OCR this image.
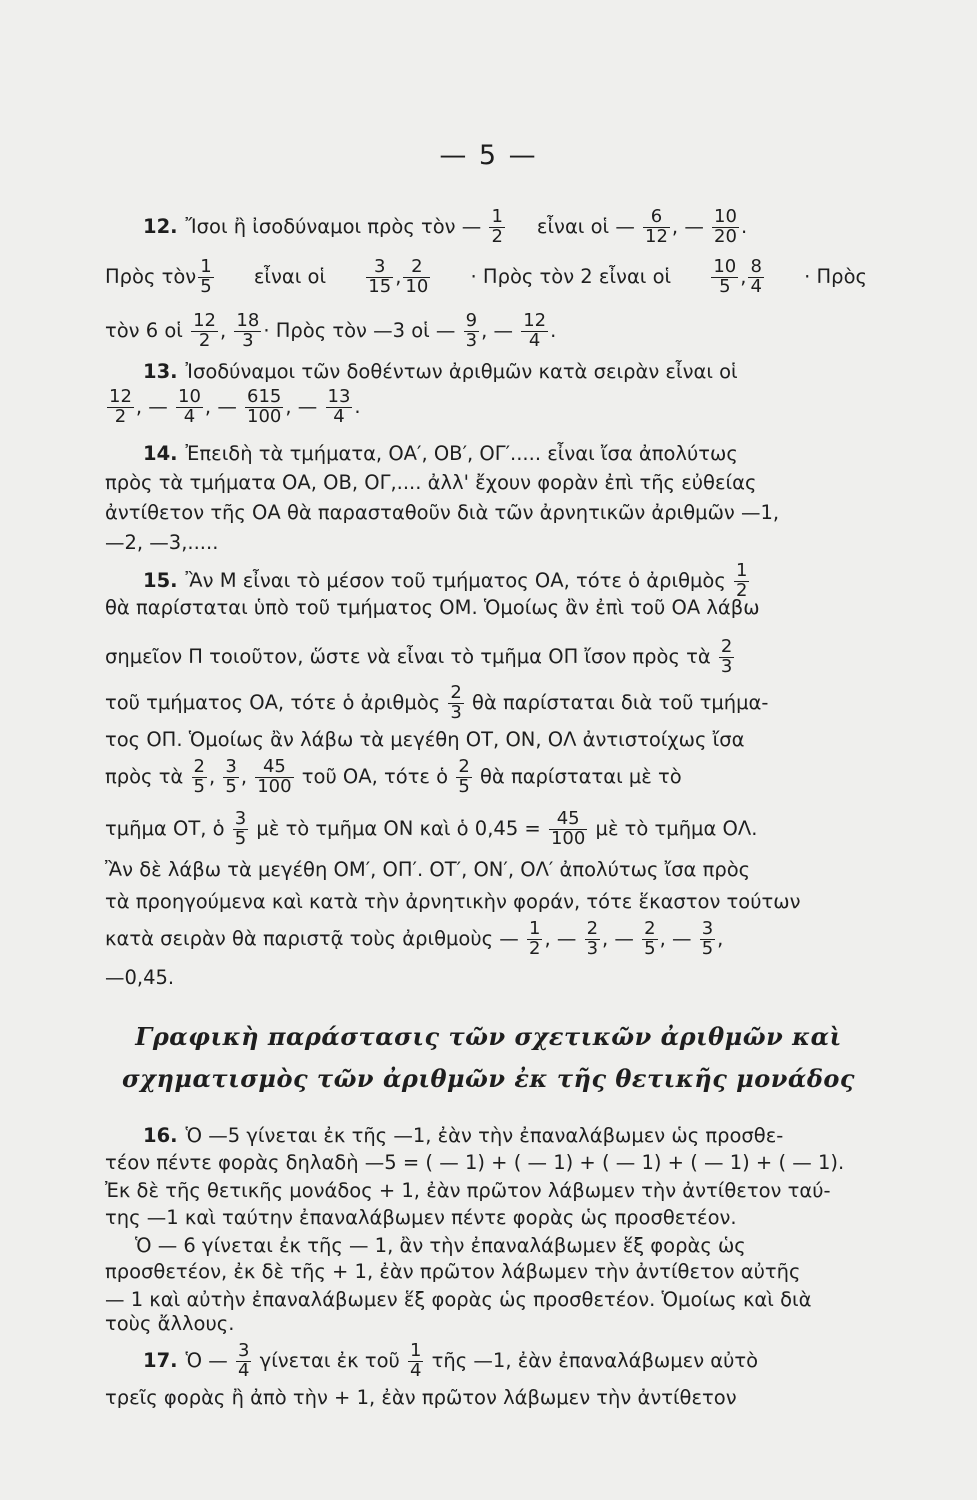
— 5 —
12. Ἴσοι ἢ ἰσοδύναμοι πρὸς τὸν — $\frac{1}{2}$ εἶναι οἱ — $\frac{6}{12}$ , — $\frac{10}{20}$ .
Πρὸς τὸν $\frac{1}{5}$ εἶναι οἱ $\frac{3}{15}$ , $\frac{2}{10}$ · Πρὸς τὸν 2 εἶναι οἱ $\frac{10}{5}$ , $\frac{8}{4}$ · Πρὸς
τὸν 6 οἱ $\frac{12}{2}$ , $\frac{18}{3}$ · Πρὸς τὸν —3 οἱ — $\frac{9}{3}$ , — $\frac{12}{4}$ .
13. Ἰσοδύναμοι τῶν δοθέντων ἀριθμῶν κατὰ σειρὰν εἶναι οἱ
$\frac{12}{2}$ , — $\frac{10}{4}$ , — $\frac{615}{100}$ , — $\frac{13}{4}$ .
14. Ἐπειδὴ τὰ τμήματα, ΟΑ′, ΟΒ′, ΟΓ′..... εἶναι ἴσα ἀπολύτως
πρὸς τὰ τμήματα ΟΑ, ΟΒ, ΟΓ,.... ἀλλ' ἔχουν φορὰν ἐπὶ τῆς εὐθείας
ἀντίθετον τῆς ΟΑ θὰ παρασταθοῦν διὰ τῶν ἀρνητικῶν ἀριθμῶν —1,
—2, —3,.....
15. Ἂν Μ εἶναι τὸ μέσον τοῦ τμήματος ΟΑ, τότε ὁ ἀριθμὸς $\frac{1}{2}$
θὰ παρίσταται ὑπὸ τοῦ τμήματος ΟΜ. Ὁμοίως ἂν ἐπὶ τοῦ ΟΑ λάβω
σημεῖον Π τοιοῦτον, ὥστε νὰ εἶναι τὸ τμῆμα ΟΠ ἴσον πρὸς τὰ $\frac{2}{3}$
τοῦ τμήματος ΟΑ, τότε ὁ ἀριθμὸς $\frac{2}{3}$ θὰ παρίσταται διὰ τοῦ τμήμα-
τος ΟΠ. Ὁμοίως ἂν λάβω τὰ μεγέθη ΟΤ, ΟΝ, ΟΛ ἀντιστοίχως ἴσα
πρὸς τὰ $\frac{2}{5}$ , $\frac{3}{5}$ , $\frac{45}{100}$ τοῦ ΟΑ, τότε ὁ $\frac{2}{5}$ θὰ παρίσταται μὲ τὸ
τμῆμα ΟΤ, ὁ $\frac{3}{5}$ μὲ τὸ τμῆμα ΟΝ καὶ ὁ $0,45 = \frac{45}{100}$ μὲ τὸ τμῆμα ΟΛ.
Ἂν δὲ λάβω τὰ μεγέθη ΟΜ′, ΟΠ′. ΟΤ′, ΟΝ′, ΟΛ′ ἀπολύτως ἴσα πρὸς
τὰ προηγούμενα καὶ κατὰ τὴν ἀρνητικὴν φοράν, τότε ἕκαστον τούτων
κατὰ σειρὰν θὰ παριστᾷ τοὺς ἀριθμοὺς — $\frac{1}{2}$ , — $\frac{2}{3}$ , — $\frac{2}{5}$ , — $\frac{3}{5}$ ,
—0,45.
Γραφικὴ παράστασις τῶν σχετικῶν ἀριθμῶν καὶ
σχηματισμὸς τῶν ἀριθμῶν ἐκ τῆς θετικῆς μονάδος
16. Ὁ —5 γίνεται ἐκ τῆς —1, ἐὰν τὴν ἐπαναλάβωμεν ὡς προσθε-
τέον πέντε φορὰς δηλαδὴ —5 = ( — 1) + ( — 1) + ( — 1) + ( — 1) + ( — 1).
Ἐκ δὲ τῆς θετικῆς μονάδος + 1, ἐὰν πρῶτον λάβωμεν τὴν ἀντίθετον ταύ-
της —1 καὶ ταύτην ἐπαναλάβωμεν πέντε φορὰς ὡς προσθετέον.
Ὁ — 6 γίνεται ἐκ τῆς — 1, ἂν τὴν ἐπαναλάβωμεν ἕξ φορὰς ὡς
προσθετέον, ἐκ δὲ τῆς + 1, ἐὰν πρῶτον λάβωμεν τὴν ἀντίθετον αὐτῆς
— 1 καὶ αὐτὴν ἐπαναλάβωμεν ἕξ φορὰς ὡς προσθετέον. Ὁμοίως καὶ διὰ
τοὺς ἄλλους.
17. Ὁ — $\frac{3}{4}$ γίνεται ἐκ τοῦ $\frac{1}{4}$ τῆς —1, ἐὰν ἐπαναλάβωμεν αὐτὸ
τρεῖς φορὰς ἢ ἀπὸ τὴν + 1, ἐὰν πρῶτον λάβωμεν τὴν ἀντίθετον
